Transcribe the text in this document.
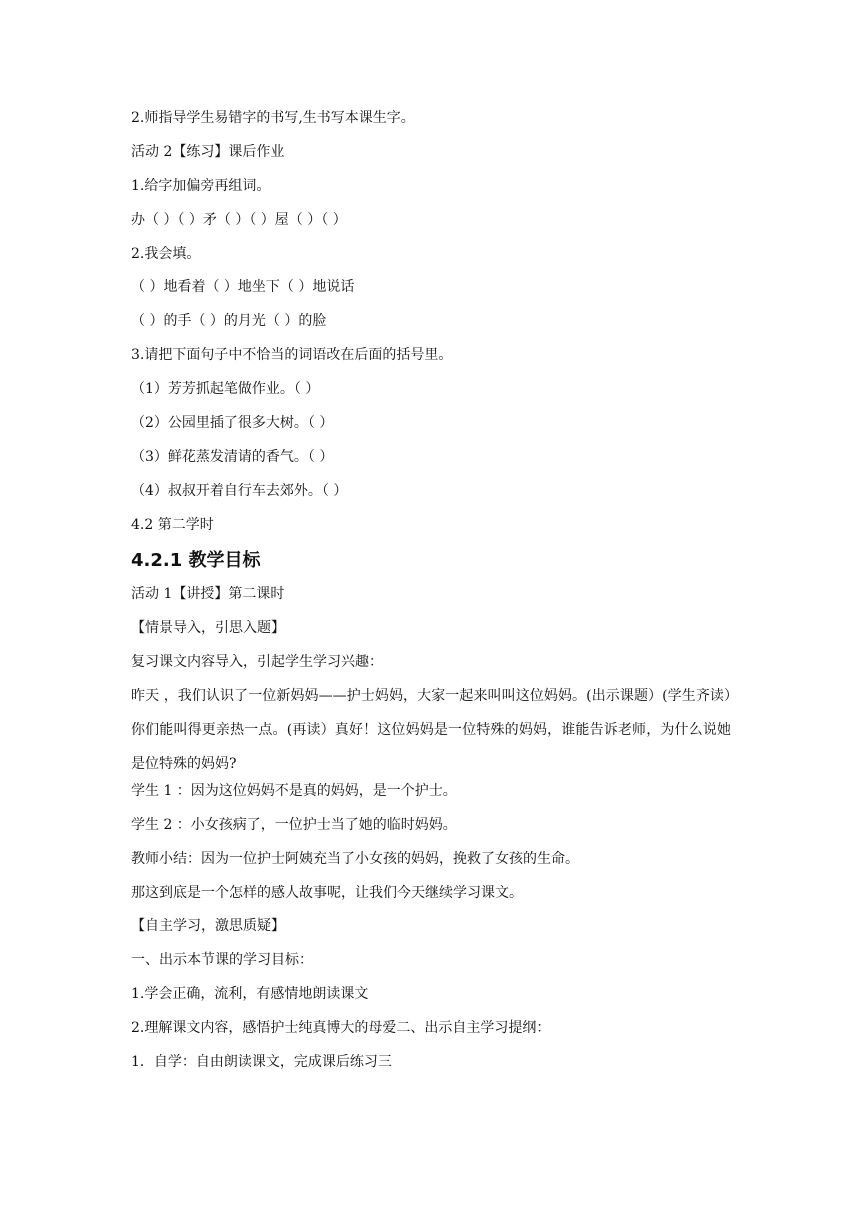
2.师指导学生易错字的书写,生书写本课生字。
活动 2【练习】课后作业
1.给字加偏旁再组词。
办（ ）（ ）矛（ ）（ ）屋（ ）（ ）
2.我会填。
（ ）地看着（ ）地坐下（ ）地说话
（ ）的手（ ）的月光（ ）的脸
3.请把下面句子中不恰当的词语改在后面的括号里。
（1）芳芳抓起笔做作业。（ ）
（2）公园里插了很多大树。（ ）
（3）鲜花蒸发清请的香气。（ ）
（4）叔叔开着自行车去郊外。（ ）
4.2 第二学时
4.2.1 教学目标
活动 1【讲授】第二课时
【情景导入，引思入题】
复习课文内容导入，引起学生学习兴趣：
昨天 ，我们认识了一位新妈妈——护士妈妈，大家一起来叫叫这位妈妈。(出示课题）(学生齐读）你们能叫得更亲热一点。(再读）真好！这位妈妈是一位特殊的妈妈，谁能告诉老师，为什么说她是位特殊的妈妈?
学生 1 ：因为这位妈妈不是真的妈妈，是一个护士。
学生 2 ：小女孩病了，一位护士当了她的临时妈妈。
教师小结：因为一位护士阿姨充当了小女孩的妈妈，挽救了女孩的生命。
那这到底是一个怎样的感人故事呢，让我们今天继续学习课文。
【自主学习，激思质疑】
一、出示本节课的学习目标：
1.学会正确，流利，有感情地朗读课文
2.理解课文内容，感悟护士纯真博大的母爱二、出示自主学习提纲：
1．自学：自由朗读课文，完成课后练习三
